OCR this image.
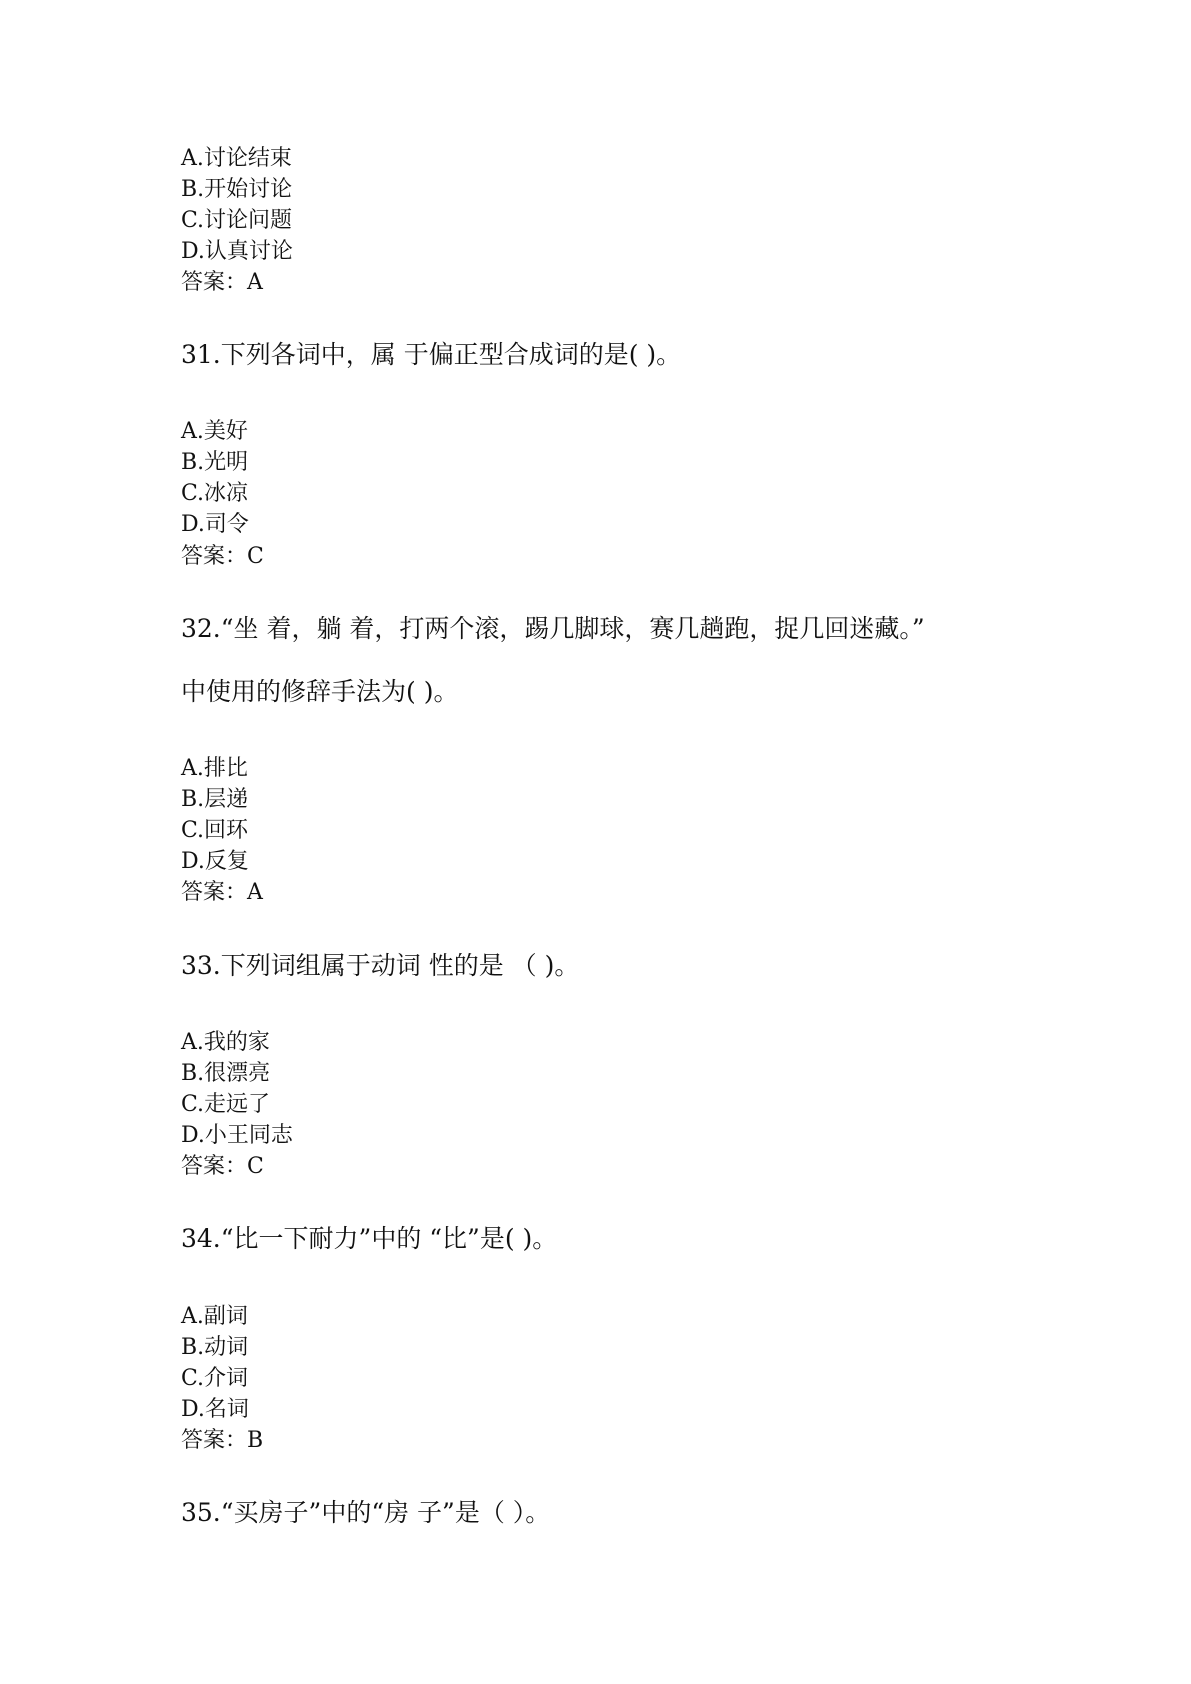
A.讨论结束

B.开始讨论

C.讨论问题

D.认真讨论

答案：A

31.下列各词中，属 于偏正型合成词的是( )。

A.美好

B.光明

C.冰凉

D.司令

答案：C

32.“坐 着，躺 着，打两个滚，踢几脚球，赛几趟跑，捉几回迷藏。”

中使用的修辞手法为( )。

A.排比

B.层递

C.回环

D.反复

答案：A

33.下列词组属于动词 性的是 （ )。

A.我的家

B.很漂亮

C.走远了

D.小王同志

答案：C

34.“比一下耐力”中的 “比”是( )。

A.副词

B.动词

C.介词

D.名词

答案：B

35.“买房子”中的“房 子”是（ ）。
